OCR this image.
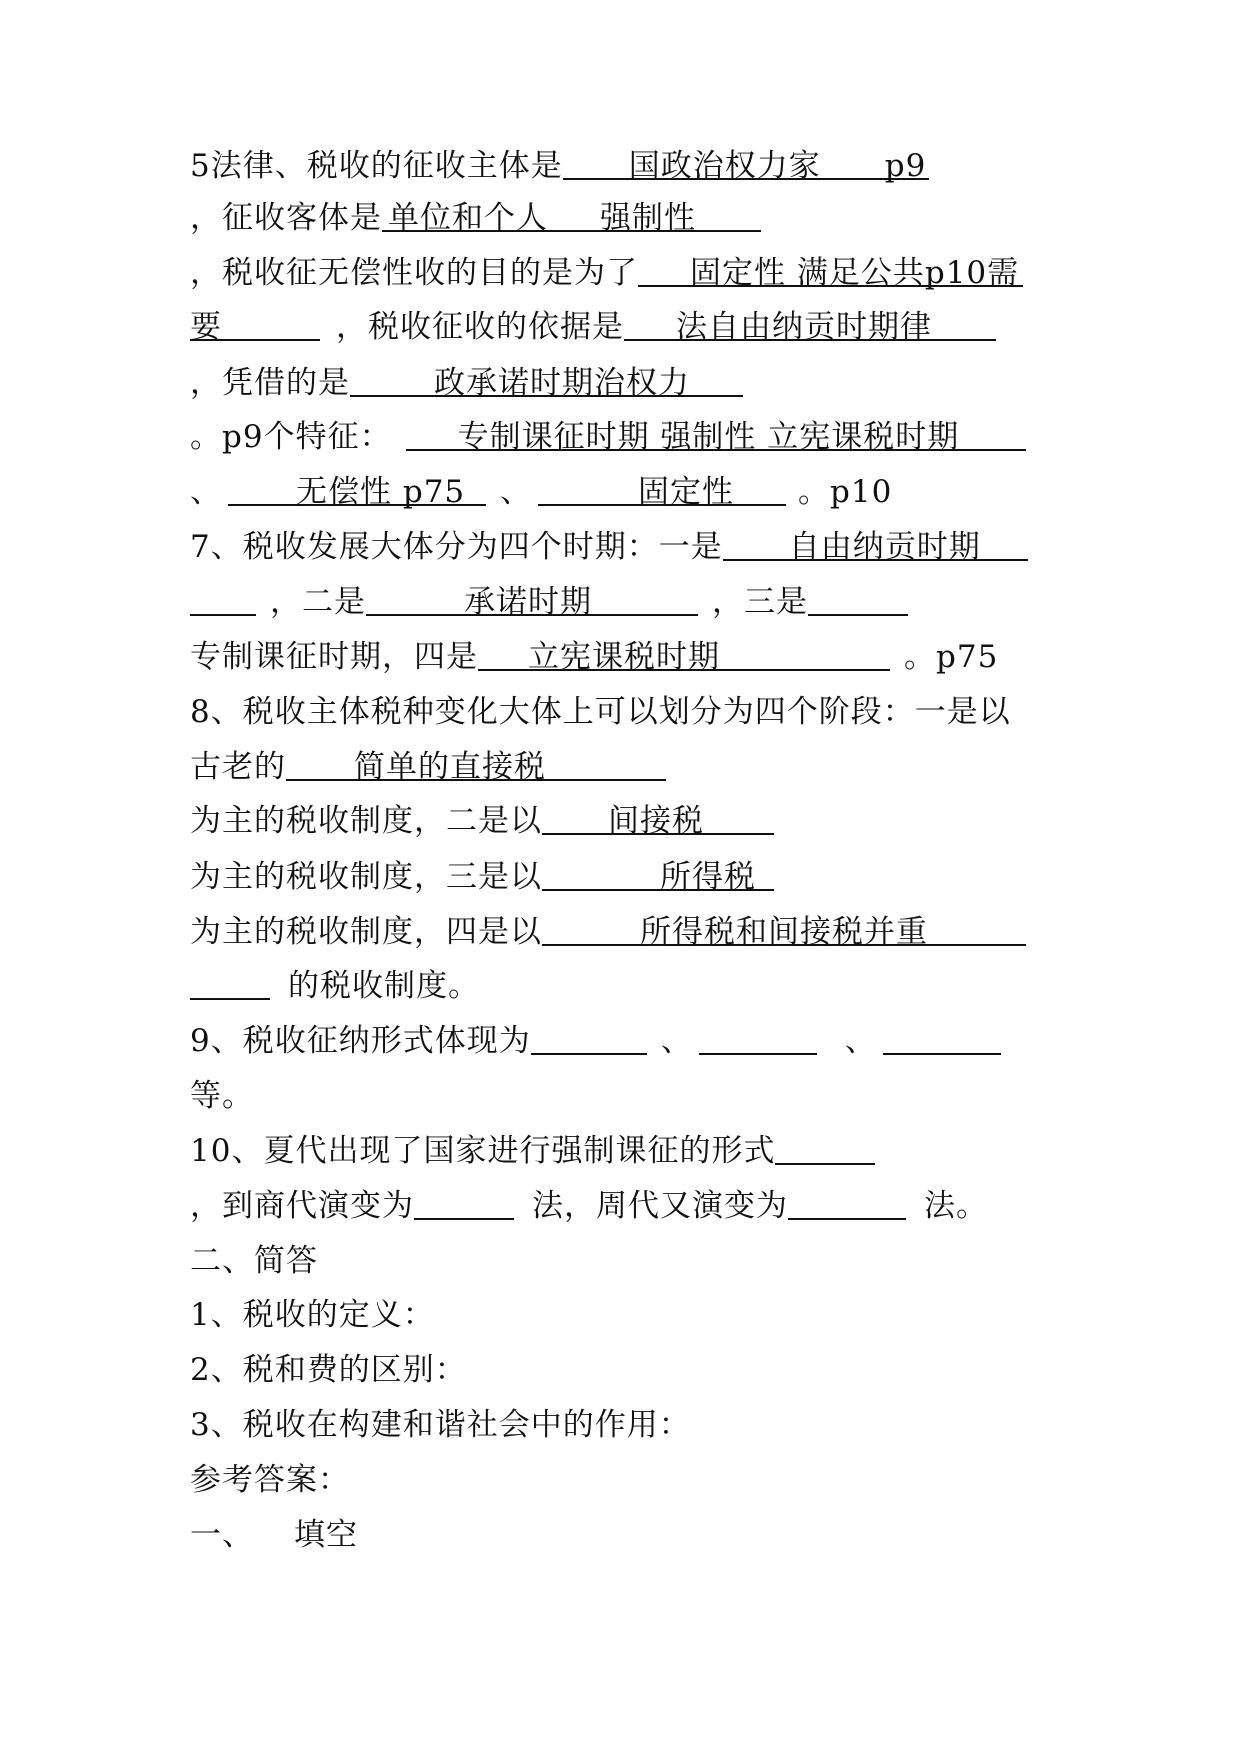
5法律、税收的征收主体是 国政治权力家 p9
，征收客体是 单位和个人 强制性
，税收征无偿性收的目的是为了 固定性 满足公共p10需
要	，税收征收的依据是 法自由纳贡时期律
，凭借的是	政承诺时期治权力
。p9个特征： 专制课征时期 强制性 立宪课税时期
、 无偿性 p75 、	固定性 。p10
7、税收发展大体分为四个时期：一是 自由纳贡时期
，二是	承诺时期	，三是
专制课征时期，四是 立宪课税时期	。p75
8、税收主体税种变化大体上可以划分为四个阶段：一是以
古老的 简单的直接税
为主的税收制度，二是以 间接税
为主的税收制度，三是以	所得税
为主的税收制度，四是以	所得税和间接税并重
的税收制度。
9、税收征纳形式体现为	、	、
等。
10、夏代出现了国家进行强制课征的形式
，到商代演变为	法，周代又演变为	法。
二、简答
1、税收的定义：
2、税和费的区别：
3、税收在构建和谐社会中的作用：
参考答案：
一、 填空
